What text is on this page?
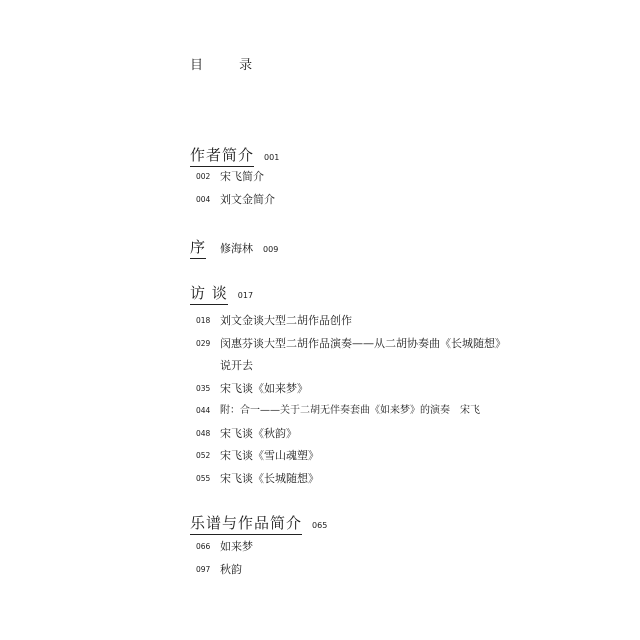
目 录
作者简介 001
002 宋飞简介
004 刘文金简介
序 修海林 009
访 谈 017
018 刘文金谈大型二胡作品创作
029 闵惠芬谈大型二胡作品演奏——从二胡协奏曲《长城随想》
说开去
035 宋飞谈《如来梦》
044 附：合一——关于二胡无伴奏套曲《如来梦》的演奏　宋飞
048 宋飞谈《秋韵》
052 宋飞谈《雪山魂塑》
055 宋飞谈《长城随想》
乐谱与作品简介 065
066 如来梦
097 秋韵
